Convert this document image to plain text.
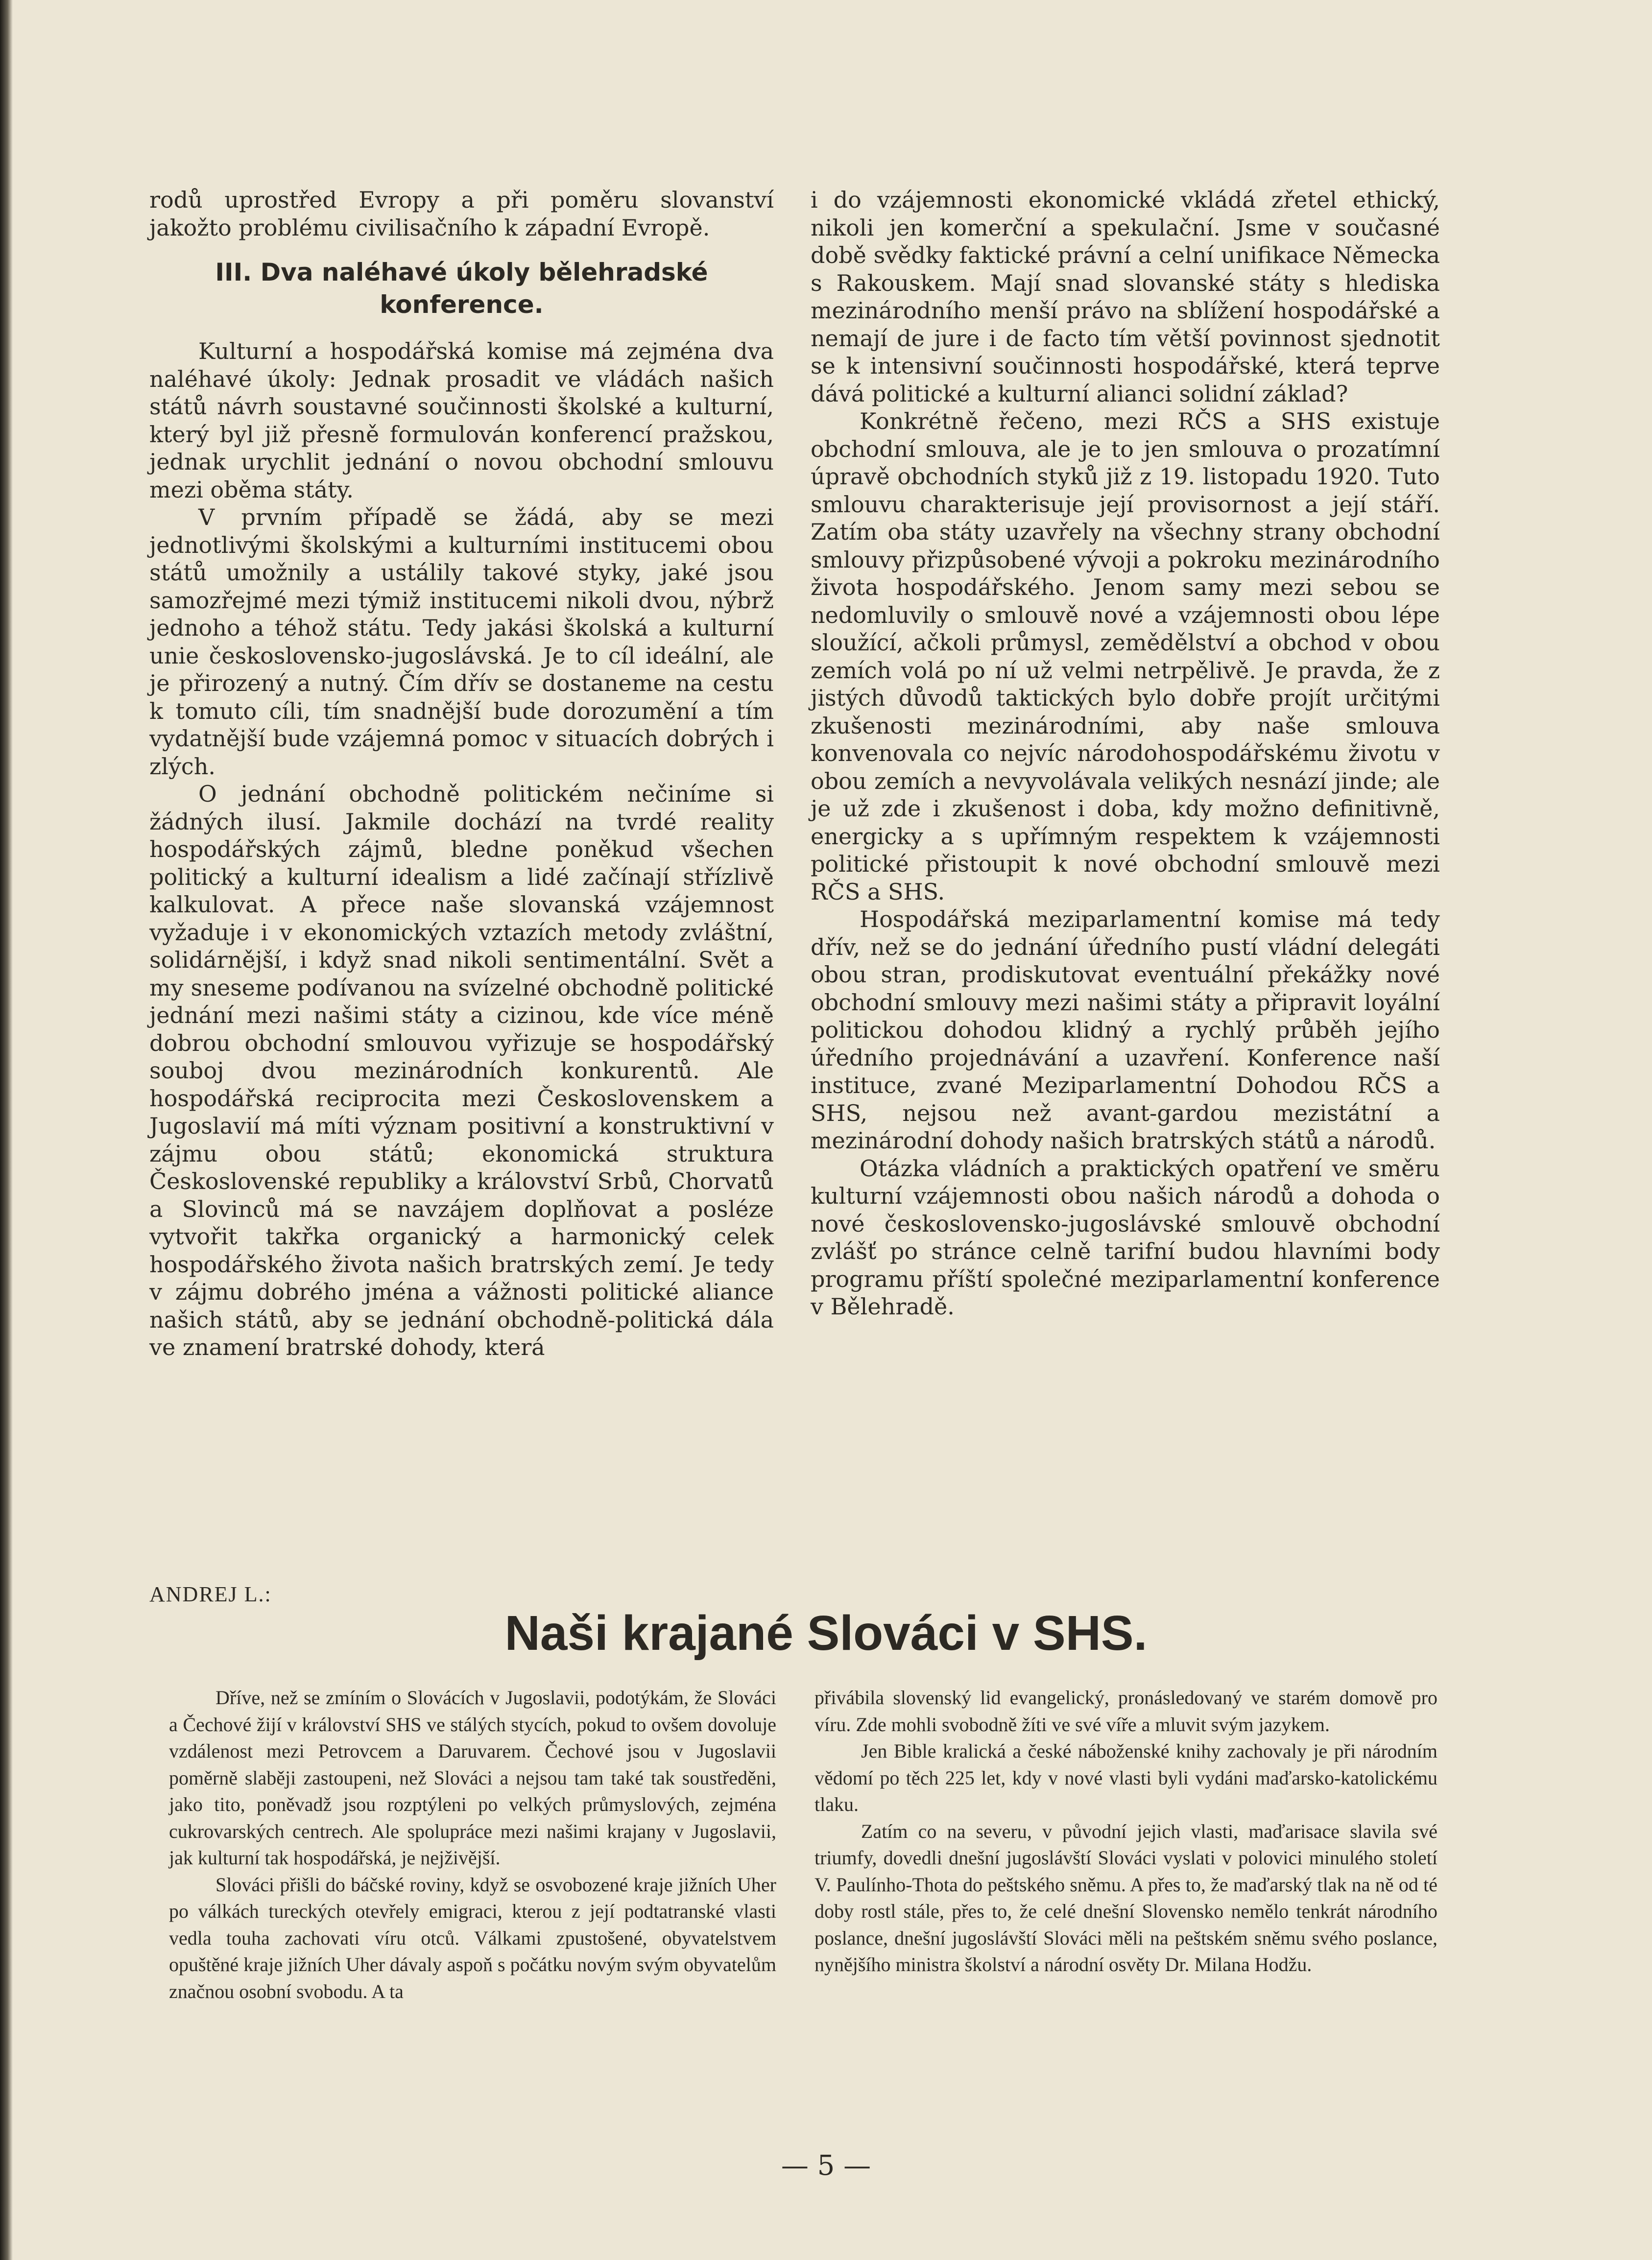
rodů uprostřed Evropy a při poměru slovanství jakožto problému civilisačního k západní Evropě.

III. Dva naléhavé úkoly bělehradské konference.

Kulturní a hospodářská komise má zejména dva naléhavé úkoly: Jednak prosadit ve vládách našich států návrh soustavné součinnosti školské a kulturní, který byl již přesně formulován konferencí pražskou, jednak urychlit jednání o novou obchodní smlouvu mezi oběma státy.

V prvním případě se žádá, aby se mezi jednotlivými školskými a kulturními institucemi obou států umožnily a ustálily takové styky, jaké jsou samozřejmé mezi týmiž institucemi nikoli dvou, nýbrž jednoho a téhož státu. Tedy jakási školská a kulturní unie československo-jugoslávská. Je to cíl ideální, ale je přirozený a nutný. Čím dřív se dostaneme na cestu k tomuto cíli, tím snadnější bude dorozumění a tím vydatnější bude vzájemná pomoc v situacích dobrých i zlých.

O jednání obchodně politickém nečiníme si žádných ilusí. Jakmile dochází na tvrdé reality hospodářských zájmů, bledne poněkud všechen politický a kulturní idealism a lidé začínají střízlivě kalkulovat. A přece naše slovanská vzájemnost vyžaduje i v ekonomických vztazích metody zvláštní, solidárnější, i když snad nikoli sentimentální. Svět a my sneseme podívanou na svízelné obchodně politické jednání mezi našimi státy a cizinou, kde více méně dobrou obchodní smlouvou vyřizuje se hospodářský souboj dvou mezinárodních konkurentů. Ale hospodářská reciprocita mezi Československem a Jugoslavií má míti význam positivní a konstruktivní v zájmu obou států; ekonomická struktura Československé republiky a království Srbů, Chorvatů a Slovinců má se navzájem doplňovat a posléze vytvořit takřka organický a harmonický celek hospodářského života našich bratrských zemí. Je tedy v zájmu dobrého jména a vážnosti politické aliance našich států, aby se jednání obchodně-politická dála ve znamení bratrské dohody, která

i do vzájemnosti ekonomické vkládá zřetel ethický, nikoli jen komerční a spekulační. Jsme v současné době svědky faktické právní a celní unifikace Německa s Rakouskem. Mají snad slovanské státy s hlediska mezinárodního menší právo na sblížení hospodářské a nemají de jure i de facto tím větší povinnost sjednotit se k intensivní součinnosti hospodářské, která teprve dává politické a kulturní alianci solidní základ?

Konkrétně řečeno, mezi RČS a SHS existuje obchodní smlouva, ale je to jen smlouva o prozatímní úpravě obchodních styků již z 19. listopadu 1920. Tuto smlouvu charakterisuje její provisornost a její stáří. Zatím oba státy uzavřely na všechny strany obchodní smlouvy přizpůsobené vývoji a pokroku mezinárodního života hospodářského. Jenom samy mezi sebou se nedomluvily o smlouvě nové a vzájemnosti obou lépe sloužící, ačkoli průmysl, zemědělství a obchod v obou zemích volá po ní už velmi netrpělivě. Je pravda, že z jistých důvodů taktických bylo dobře projít určitými zkušenosti mezinárodními, aby naše smlouva konvenovala co nejvíc národohospodářskému životu v obou zemích a nevyvolávala velikých nesnází jinde; ale je už zde i zkušenost i doba, kdy možno definitivně, energicky a s upřímným respektem k vzájemnosti politické přistoupit k nové obchodní smlouvě mezi RČS a SHS.

Hospodářská meziparlamentní komise má tedy dřív, než se do jednání úředního pustí vládní delegáti obou stran, prodiskutovat eventuální překážky nové obchodní smlouvy mezi našimi státy a připravit loyální politickou dohodou klidný a rychlý průběh jejího úředního projednávání a uzavření. Konference naší instituce, zvané Meziparlamentní Dohodou RČS a SHS, nejsou než avant-gardou mezistátní a mezinárodní dohody našich bratrských států a národů.

Otázka vládních a praktických opatření ve směru kulturní vzájemnosti obou našich národů a dohoda o nové československo-jugoslávské smlouvě obchodní zvlášť po stránce celně tarifní budou hlavními body programu příští společné meziparlamentní konference v Bělehradě.

ANDREJ L.:
Naši krajané Slováci v SHS.

Dříve, než se zmíním o Slovácích v Jugoslavii, podotýkám, že Slováci a Čechové žijí v království SHS ve stálých stycích, pokud to ovšem dovoluje vzdálenost mezi Petrovcem a Daruvarem. Čechové jsou v Jugoslavii poměrně slaběji zastoupeni, než Slováci a nejsou tam také tak soustředěni, jako tito, poněvadž jsou rozptýleni po velkých průmyslových, zejména cukrovarských centrech. Ale spolupráce mezi našimi krajany v Jugoslavii, jak kulturní tak hospodářská, je nejživější.

Slováci přišli do báčské roviny, když se osvobozené kraje jižních Uher po válkách tureckých otevřely emigraci, kterou z její podtatranské vlasti vedla touha zachovati víru otců. Válkami zpustošené, obyvatelstvem opuštěné kraje jižních Uher dávaly aspoň s počátku novým svým obyvatelům značnou osobní svobodu. A ta

přivábila slovenský lid evangelický, pronásledovaný ve starém domově pro víru. Zde mohli svobodně žíti ve své víře a mluvit svým jazykem.

Jen Bible kralická a české náboženské knihy zachovaly je při národním vědomí po těch 225 let, kdy v nové vlasti byli vydáni maďarsko-katolickému tlaku.

Zatím co na severu, v původní jejich vlasti, maďarisace slavila své triumfy, dovedli dnešní jugoslávští Slováci vyslati v polovici minulého století V. Paulínho-Thota do peštského sněmu. A přes to, že maďarský tlak na ně od té doby rostl stále, přes to, že celé dnešní Slovensko nemělo tenkrát národního poslance, dnešní jugoslávští Slováci měli na peštském sněmu svého poslance, nynějšího ministra školství a národní osvěty Dr. Milana Hodžu.

— 5 —
